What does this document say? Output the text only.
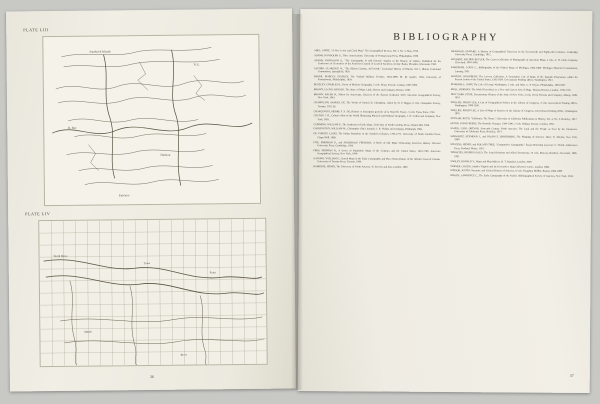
PLATE LIII
Sandwich Islands
N. E.
R. Bay
Harbour
Entrance
PLATE LIV
North Shore
Town
Point
Marsh
River
36
BIBLIOGRAPHY
ABEL, ANNIE, "A New Lewis and Clark Map," The Geographical Review, Vol. I, No. 5, May, 1916.
ADAMS, RANDOLPH G., Three Americanists. University of Pennsylvania Press, Philadelphia, 1939.
ADAMS, RANDOLPH G., "The Cartography of Old Detroit," Studies in the History of Culture. Published for the Conference of Secretaries of the American Council of Learned Societies, George Banta, Menasha, Wisconsin, 1942.
ALVORD, CLARENCE W., "The Illinois Country, 1673-1818," Centennial History of Illinois, Vol. I, Illinois Centennial Commission, Springfield, 1920.
BAKER, MARCUS STANLEY, The Vinland Military Frontier, 1834-1890, M. M. Quaife, 1935, University of Pennsylvania, Philadelphia, 1934.
BEAZLEY, CHARLES R., Dawn of Modern Geography, 3 vols. Henry Frowde, London, 1897-1906.
BROWN, LLOYD ARNOLD, The Story of Maps. Little, Brown and Company, Boston, 1949.
BROWN, RALPH H., Mirror for Americans, Likeness of the Eastern Seaboard, 1810. American Geographical Society, New York, 1943.
CHAMPLAIN, SAMUEL DE, The Works of Samuel de Champlain, edited by H. P. Biggar, 6 vols. Champlain Society, Toronto, 1922-36.
CHARLEVOIX, PIERRE F. X. DE, Histoire et description generale de la Nouvelle France, 3 vols. Nyon, Paris, 1744.
COLTON, J. H., Colton's Atlas of the World Illustrating Physical and Political Geography. J. H. Colton and Company, New York, 1855.
CUMMING, WILLIAM P., The Southeast in Early Maps. University of North Carolina Press, Chapel Hill, 1958.
DARLINGTON, WILLIAM M., Christopher Gist's Journals. J. R. Weldin and Company, Pittsburgh, 1893.
DE VORSEY, LOUIS, The Indian Boundary in the Southern Colonies, 1763-1775. University of North Carolina Press, Chapel Hill, 1966.
FITE, EMERSON D., and ARCHIBALD FREEMAN, A Book of Old Maps Delineating American History. Harvard University Press, Cambridge, 1926.
FRIIS, HERMAN R., A Series of Population Maps of the Colonies and the United States, 1625-1790. American Geographical Society, New York, 1940.
GANONG, WILLIAM F., Crucial Maps in the Early Cartography and Place-Nomenclature of the Atlantic Coast of Canada. University of Toronto Press, Toronto, 1964.
HARRISSE, HENRY, The Discovery of North America. H. Stevens and Son, London, 1892.
HEAWOOD, EDWARD, A History of Geographical Discovery in the Seventeenth and Eighteenth Centuries. Cambridge University Press, Cambridge, 1912.
HULBERT, ARCHER BUTLER, The Crown Collection of Photographs of American Maps, 5 vols. A. H. Clark Company, Cleveland, 1904-1908.
KARPINSKI, LOUIS C., Bibliography of the Printed Maps of Michigan, 1804-1880. Michigan Historical Commission, Lansing, 1931.
LOWERY, WOODBURY, The Lowery Collection, A Descriptive List of Maps of the Spanish Possessions within the Present Limits of the United States, 1502-1820. Government Printing Office, Washington, 1912.
MARSHALL, JOHN, The Life of George Washington, 5 vols. and Atlas. C. P. Wayne, Philadelphia, 1804-1807.
MOLL, HERMAN, The World Described, or a New and Correct Sett of Maps. Thomas Bowles, London, 1709-1720.
NEW YORK STATE, Documentary History of the State of New York, 4 vols. Weed, Parsons and Company, Albany, 1849-1851.
PHILLIPS, PHILIP LEE, A List of Geographical Atlases in the Library of Congress, 4 vols. Government Printing Office, Washington, 1909-1920.
PHILLIPS, PHILIP LEE, A List of Maps of America in the Library of Congress. Government Printing Office, Washington, 1901.
PUTNAM, RUTH, "California: The Name," University of California Publications in History, Vol. 4, No. 4, Berkeley, 1917.
QUINN, DAVID BEERS, The Roanoke Voyages, 1584-1590, 2 vols. Hakluyt Society, London, 1955.
SAUER, CARL ORTWIN, Sixteenth Century North America: The Land and the People as Seen by the Europeans. University of California Press, Berkeley, 1971.
SCHWARTZ, SEYMOUR I., and RALPH E. EHRENBERG, The Mapping of America. Harry N. Abrams, New York, 1980.
STEVENS, HENRY, and ROLAND TREE, "Comparative Cartography," Essays Honoring Lawrence C. Wroth. Anthoensen Press, Portland, Maine, 1951.
THWAITES, REUBEN GOLD, The Jesuit Relations and Allied Documents, 73 vols. Burrows Brothers, Cleveland, 1896-1901.
TOOLEY, RONALD V., Maps and Map-Makers. B. T. Batsford, London, 1949.
VERNER, COOLIE, Smith's Virginia and Its Derivatives. Map Collectors' Circle, London, 1968.
WINSOR, JUSTIN, Narrative and Critical History of America, 8 vols. Houghton Mifflin, Boston, 1884-1889.
WROTH, LAWRENCE C., The Early Cartography of the Pacific. Bibliographical Society of America, New York, 1944.
37
